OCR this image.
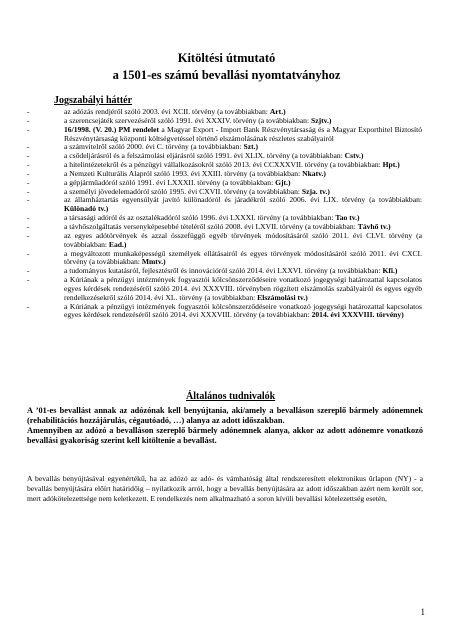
Kitöltési útmutató
a 1501-es számú bevallási nyomtatványhoz
Jogszabályi háttér
- az adózás rendjéről szóló 2003. évi XCII. törvény (a továbbiakban: Art.)
- a szerencsejáték szervezéséről szóló 1991. évi XXXIV. törvény (a továbbiakban: Szjtv.)
- 16/1998. (V. 20.) PM rendelet a Magyar Export - Import Bank Részvénytársaság és a Magyar Exporthitel Biztosító Részvénytársaság központi költségvetéssel történő elszámolásának részletes szabályairól
- a számvitelről szóló 2000. évi C. törvény (a továbbiakban: Szt.)
- a csődeljárásról és a felszámolási eljárásról szóló 1991. évi XLIX. törvény (a továbbiakban: Cstv.)
- a hitelintézetekről és a pénzügyi vállalkozásokról szóló 2013. évi CCXXXVII. törvény (a továbbiakban: Hpt.)
- a Nemzeti Kulturális Alapról szóló 1993. évi XXIII. törvény (a továbbiakban: Nkatv.)
- a gépjárműadóról szóló 1991. évi LXXXII. törvény (a továbbiakban: Gjt.)
- a személyi jövedelemadóról szóló 1995. évi CXVII. törvény (a továbbiakban: Szja. tv.)
- az államháztartás egyensúlyát javító különadóról és járadékról szóló 2006. évi LIX. törvény (a továbbiakban: Különadó tv.)
- a társasági adóról és az osztalékadóról szóló 1996. évi LXXXI. törvény (a továbbiakban: Tao tv.)
- a távhőszolgáltatás versenyképesebbé tételéről szóló 2008. évi LXVII. törvény (a továbbiakban: Távhő tv.)
- az egyes adótörvények és azzal összefüggő egyéb törvények módosításáról szóló 2011. évi CLVI. törvény (a továbbiakban: Ead.)
- a megváltozott munkaképességű személyek ellátásairól és egyes törvények módosításáról szóló 2011. évi CXCI. törvény (a továbbiakban: Mmtv.)
- a tudományos kutatásról, fejlesztésről és innovációról szóló 2014. évi LXXVI. törvény (a továbbiakban: Kfi.)
- a Kúriának a pénzügyi intézmények fogyasztói kölcsönszerződéseire vonatkozó jogegységi határozattal kapcsolatos egyes kérdések rendezéséről szóló 2014. évi XXXVIII. törvényben rögzített elszámolás szabályairól és egyes egyéb rendelkezésekről szóló 2014. évi XL. törvény (a továbbiakban: Elszámolási tv.)
- a Kúriának a pénzügyi intézmények fogyasztói kölcsönszerződéseire vonatkozó jogegységi határozattal kapcsolatos egyes kérdések rendezéséről szóló 2014. évi XXXVIII. törvény (a továbbiakban: 2014. évi XXXVIII. törvény)
Általános tudnivalók
A ’01-es bevallást annak az adózónak kell benyújtania, aki/amely a bevalláson szereplő bármely adónemnek (rehabilitációs hozzájárulás, cégautóadó, …) alanya az adott időszakban.
Amennyiben az adózó a bevalláson szereplő bármely adónemnek alanya, akkor az adott adónemre vonatkozó bevallási gyakoriság szerint kell kitöltenie a bevallást.

A bevallás benyújtásával egyenértékű, ha az adózó az adó- és vámhatóság által rendszeresített elektronikus űrlapon (NY) - a bevallás benyújtására előírt határidőig – nyilatkozik arról, hogy a bevallás benyújtására az adott időszakban azért nem került sor, mert adókötelezettsége nem keletkezett. E rendelkezés nem alkalmazható a soron kívüli bevallási kötelezettség esetén,

1
